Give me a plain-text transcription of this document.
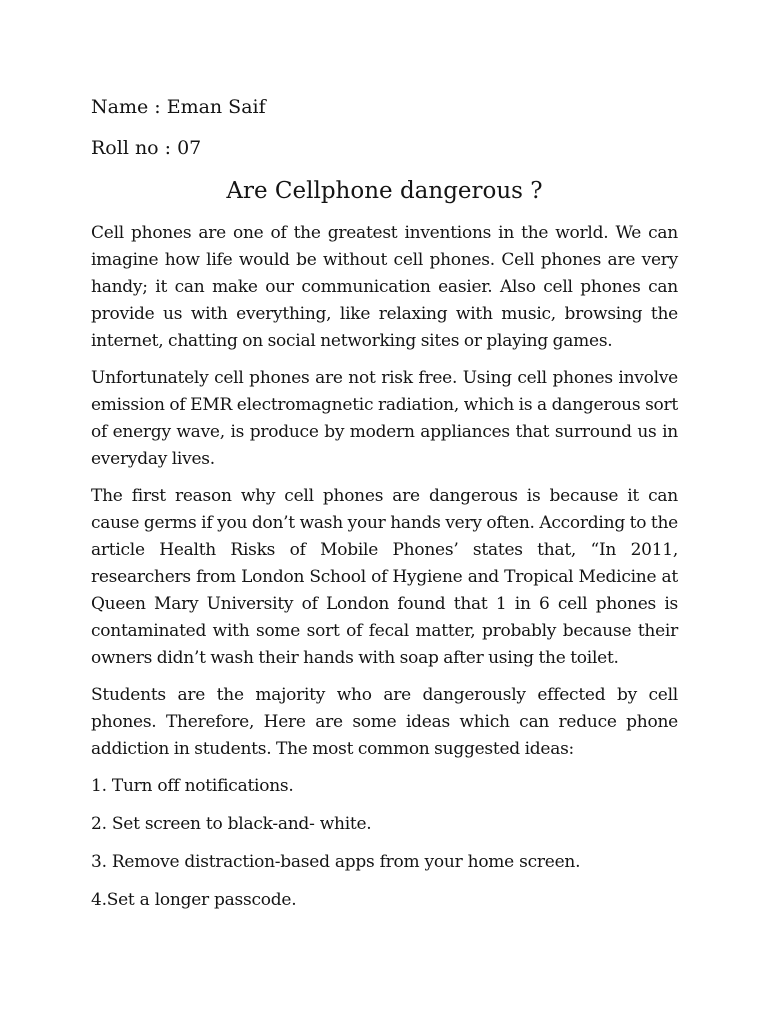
Name : Eman Saif

Roll no : 07

Are Cellphone dangerous ?

Cell phones are one of the greatest inventions in the world. We can imagine how life would be without cell phones. Cell phones are very handy; it can make our communication easier. Also cell phones can provide us with everything, like relaxing with music, browsing the internet, chatting on social networking sites or playing games.

Unfortunately cell phones are not risk free. Using cell phones involve emission of EMR electromagnetic radiation, which is a dangerous sort of energy wave, is produce by modern appliances that surround us in everyday lives.

The first reason why cell phones are dangerous is because it can cause germs if you don’t wash your hands very often. According to the article Health Risks of Mobile Phones’ states that, “In 2011, researchers from London School of Hygiene and Tropical Medicine at Queen Mary University of London found that 1 in 6 cell phones is contaminated with some sort of fecal matter, probably because their owners didn’t wash their hands with soap after using the toilet.

Students are the majority who are dangerously effected by cell phones. Therefore, Here are some ideas which can reduce phone addiction in students. The most common suggested ideas:

1. Turn off notifications.
2. Set screen to black-and- white.
3. Remove distraction-based apps from your home screen.
4.Set a longer passcode.
